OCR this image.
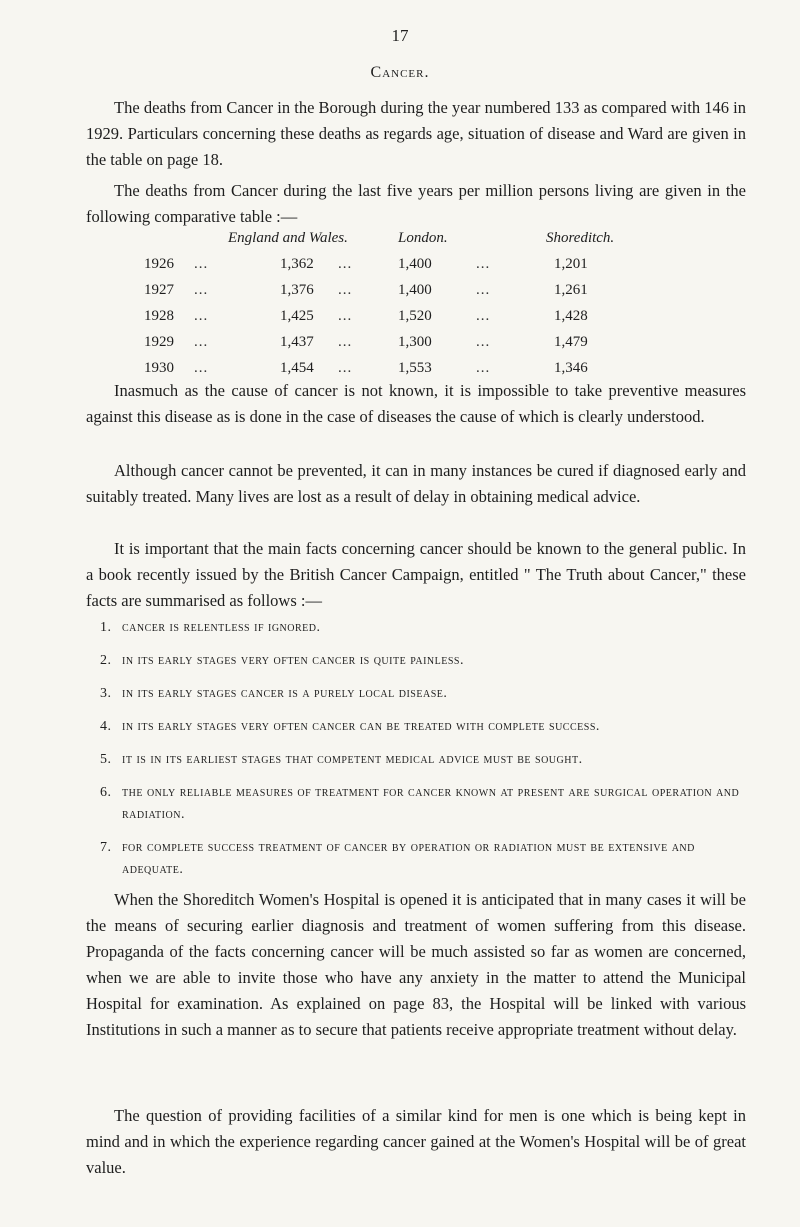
17
Cancer.

The deaths from Cancer in the Borough during the year numbered 133 as compared with 146 in 1929. Particulars concerning these deaths as regards age, situation of disease and Ward are given in the table on page 18.

The deaths from Cancer during the last five years per million persons living are given in the following comparative table :—

England and Wales.	London.	Shoreditch.
1926 ...	1,362 ...	1,400	...	1,201
1927 ...	1,376 ...	1,400	...	1,261
1928 ...	1,425 ...	1,520	...	1,428
1929 ...	1,437 ...	1,300	...	1,479
1930 ...	1,454 ...	1,553	...	1,346

Inasmuch as the cause of cancer is not known, it is impossible to take preventive measures against this disease as is done in the case of diseases the cause of which is clearly understood.

Although cancer cannot be prevented, it can in many instances be cured if diagnosed early and suitably treated. Many lives are lost as a result of delay in obtaining medical advice.

It is important that the main facts concerning cancer should be known to the general public. In a book recently issued by the British Cancer Campaign, entitled " The Truth about Cancer," these facts are summarised as follows :—

1. cancer is relentless if ignored.
2. in its early stages very often cancer is quite painless.
3. in its early stages cancer is a purely local disease.
4. in its early stages very often cancer can be treated with complete success.
5. it is in its earliest stages that competent medical advice must be sought.
6. the only reliable measures of treatment for cancer known at present are surgical operation and radiation.
7. for complete success treatment of cancer by operation or radiation must be extensive and adequate.

When the Shoreditch Women's Hospital is opened it is anticipated that in many cases it will be the means of securing earlier diagnosis and treatment of women suffering from this disease. Propaganda of the facts concerning cancer will be much assisted so far as women are concerned, when we are able to invite those who have any anxiety in the matter to attend the Municipal Hospital for examination. As explained on page 83, the Hospital will be linked with various Institutions in such a manner as to secure that patients receive appropriate treatment without delay.

The question of providing facilities of a similar kind for men is one which is being kept in mind and in which the experience regarding cancer gained at the Women's Hospital will be of great value.
